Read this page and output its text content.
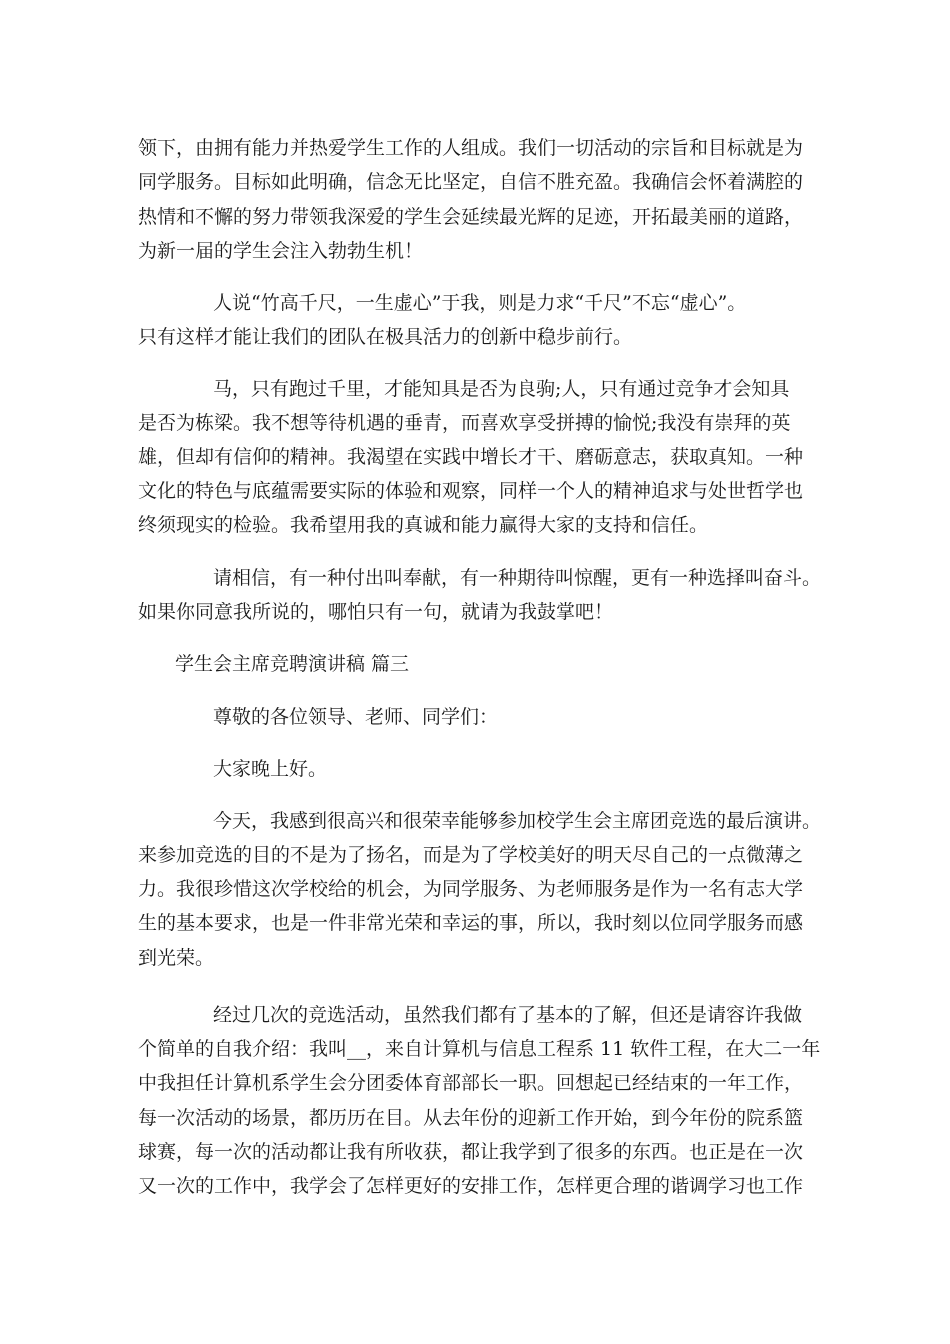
领下，由拥有能力并热爱学生工作的人组成。我们一切活动的宗旨和目标就是为
同学服务。目标如此明确，信念无比坚定，自信不胜充盈。我确信会怀着满腔的
热情和不懈的努力带领我深爱的学生会延续最光辉的足迹，开拓最美丽的道路，
为新一届的学生会注入勃勃生机！
人说“竹高千尺，一生虚心”于我，则是力求“千尺”不忘“虚心”。
只有这样才能让我们的团队在极具活力的创新中稳步前行。
马，只有跑过千里，才能知具是否为良驹;人，只有通过竞争才会知具
是否为栋梁。我不想等待机遇的垂青，而喜欢享受拼搏的愉悦;我没有崇拜的英
雄，但却有信仰的精神。我渴望在实践中增长才干、磨砺意志，获取真知。一种
文化的特色与底蕴需要实际的体验和观察，同样一个人的精神追求与处世哲学也
终须现实的检验。我希望用我的真诚和能力赢得大家的支持和信任。
请相信，有一种付出叫奉献，有一种期待叫惊醒，更有一种选择叫奋斗。
如果你同意我所说的，哪怕只有一句，就请为我鼓掌吧！
学生会主席竞聘演讲稿 篇三
尊敬的各位领导、老师、同学们：
大家晚上好。
今天，我感到很高兴和很荣幸能够参加校学生会主席团竞选的最后演讲。
来参加竞选的目的不是为了扬名，而是为了学校美好的明天尽自己的一点微薄之
力。我很珍惜这次学校给的机会，为同学服务、为老师服务是作为一名有志大学
生的基本要求，也是一件非常光荣和幸运的事，所以，我时刻以位同学服务而感
到光荣。
经过几次的竞选活动，虽然我们都有了基本的了解，但还是请容许我做
个简单的自我介绍：我叫__，来自计算机与信息工程系 11 软件工程，在大二一年
中我担任计算机系学生会分团委体育部部长一职。回想起已经结束的一年工作，
每一次活动的场景，都历历在目。从去年份的迎新工作开始，到今年份的院系篮
球赛，每一次的活动都让我有所收获，都让我学到了很多的东西。也正是在一次
又一次的工作中，我学会了怎样更好的安排工作，怎样更合理的谐调学习也工作
